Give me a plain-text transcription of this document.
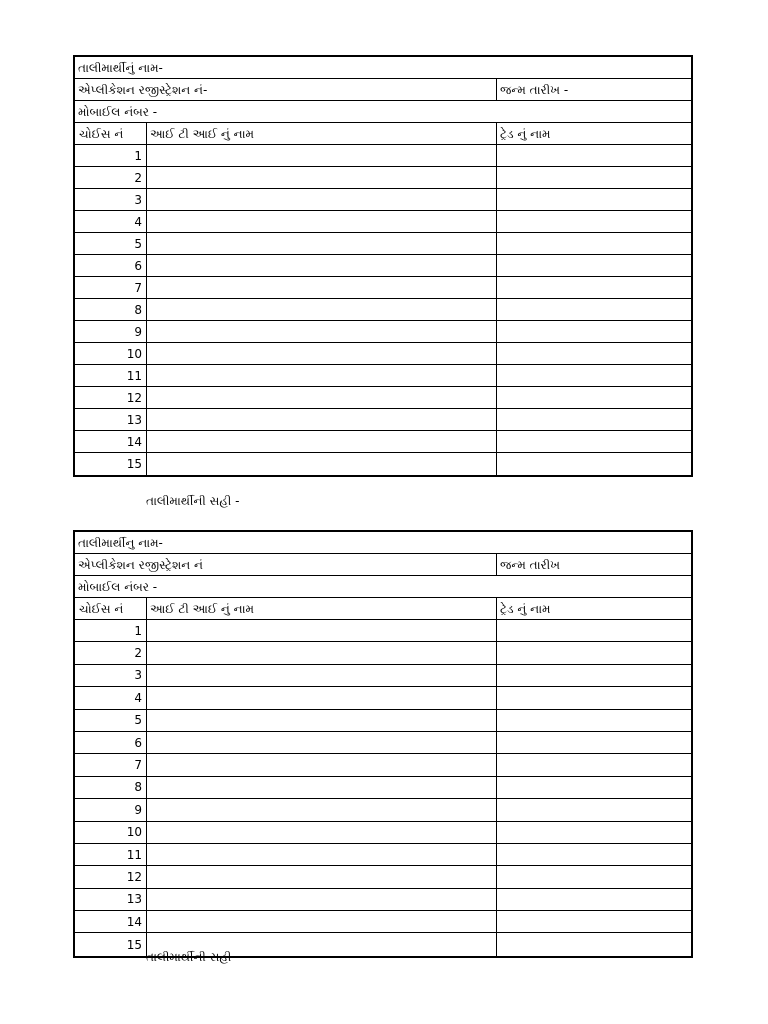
તાલીમાર્થીનું નામ-
એપ્લીકેશન રજીસ્ટ્રેશન નં-	જન્મ તારીખ -
મોબાઈલ નંબર -
ચોઈસ નં	આઈ ટી આઈ નું નામ	ટ્રેડ નું નામ
1
2
3
4
5
6
7
8
9
10
11
12
13
14
15
તાલીમાર્થીની સહી -
તાલીમાર્થીનુ નામ-
એપ્લીકેશન રજીસ્ટ્રેશન નં	જન્મ તારીખ
મોબાઈલ નંબર -
ચોઈસ નં	આઈ ટી આઈ નું નામ	ટ્રેડ નું નામ
1
2
3
4
5
6
7
8
9
10
11
12
13
14
15
તાલીમાર્થીની સહી -
